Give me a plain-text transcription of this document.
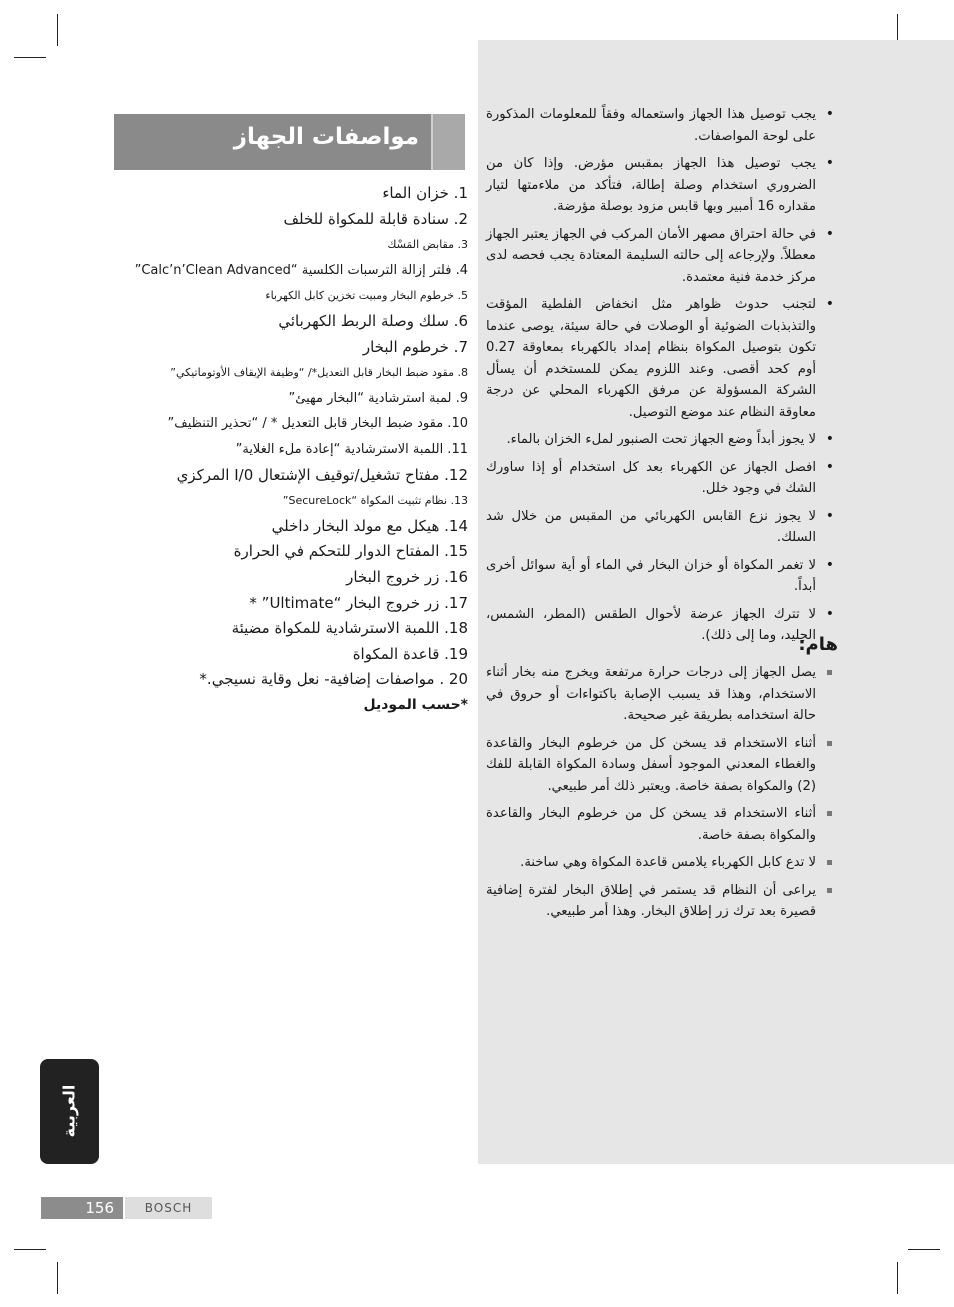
مواصفات الجهاز
1. خزان الماء
2. سنادة قابلة للمكواة للخلف
3. مقابض المَسْك
4. فلتر إزالة الترسبات الكلسية “Calc’n’Clean Advanced”
5. خرطوم البخار ومبيت تخزين كابل الكهرباء
6. سلك وصلة الربط الكهربائي
7. خرطوم البخار
8. مقود ضبط البخار قابل التعديل*/ “وظيفة الإيقاف الأوتوماتيكي”
9. لمبة استرشادية “البخار مهيئ”
10. مقود ضبط البخار قابل التعديل * / “تحذير التنظيف”
11. اللمبة الاسترشادية “إعادة ملء الغلاية”
12. مفتاح تشغيل/توقيف الإشتعال I/0 المركزي
13. نظام تثبيت المكواة “SecureLock”
14. هيكل مع مولد البخار داخلي
15. المفتاح الدوار للتحكم في الحرارة
16. زر خروج البخار
17. زر خروج البخار “Ultimate” *
18. اللمبة الاسترشادية للمكواة مضيئة
19. قاعدة المكواة
20 . مواصفات إضافية- نعل وقاية نسيجي.*
*حسب الموديل
• يجب توصيل هذا الجهاز واستعماله وفقاً للمعلومات المذكورة على لوحة المواصفات.
• يجب توصيل هذا الجهاز بمقبس مؤرض. وإذا كان من الضروري استخدام وصلة إطالة، فتأكد من ملاءمتها لتيار مقداره 16 أمبير وبها قابس مزود بوصلة مؤرضة.
• في حالة احتراق مصهر الأمان المركب في الجهاز يعتبر الجهاز معطلاً. ولإرجاعه إلى حالته السليمة المعتادة يجب فحصه لدى مركز خدمة فنية معتمدة.
• لتجنب حدوث ظواهر مثل انخفاض الفلطية المؤقت والتذبذبات الضوئية أو الوصلات في حالة سيئة، يوصى عندما تكون بتوصيل المكواة بنظام إمداد بالكهرباء بمعاوقة 0.27 أوم كحد أقصى. وعند اللزوم يمكن للمستخدم أن يسأل الشركة المسؤولة عن مرفق الكهرباء المحلي عن درجة معاوقة النظام عند موضع التوصيل.
• لا يجوز أبداً وضع الجهاز تحت الصنبور لملء الخزان بالماء.
• افصل الجهاز عن الكهرباء بعد كل استخدام أو إذا ساورك الشك في وجود خلل.
• لا يجوز نزع القابس الكهربائي من المقبس من خلال شد السلك.
• لا تغمر المكواة أو خزان البخار في الماء أو أية سوائل أخرى أبداً.
• لا تترك الجهاز عرضة لأحوال الطقس (المطر، الشمس، الجليد، وما إلى ذلك).
هام:
يصل الجهاز إلى درجات حرارة مرتفعة ويخرج منه بخار أثناء الاستخدام، وهذا قد يسبب الإصابة باكتواءات أو حروق في حالة استخدامه بطريقة غير صحيحة.
أثناء الاستخدام قد يسخن كل من خرطوم البخار والقاعدة والغطاء المعدني الموجود أسفل وسادة المكواة القابلة للفك (2) والمكواة بصفة خاصة. ويعتبر ذلك أمر طبيعي.
أثناء الاستخدام قد يسخن كل من خرطوم البخار والقاعدة والمكواة بصفة خاصة.
لا تدع كابل الكهرباء يلامس قاعدة المكواة وهي ساخنة.
يراعى أن النظام قد يستمر في إطلاق البخار لفترة إضافية قصيرة بعد ترك زر إطلاق البخار. وهذا أمر طبيعي.
العربية
156	BOSCH
